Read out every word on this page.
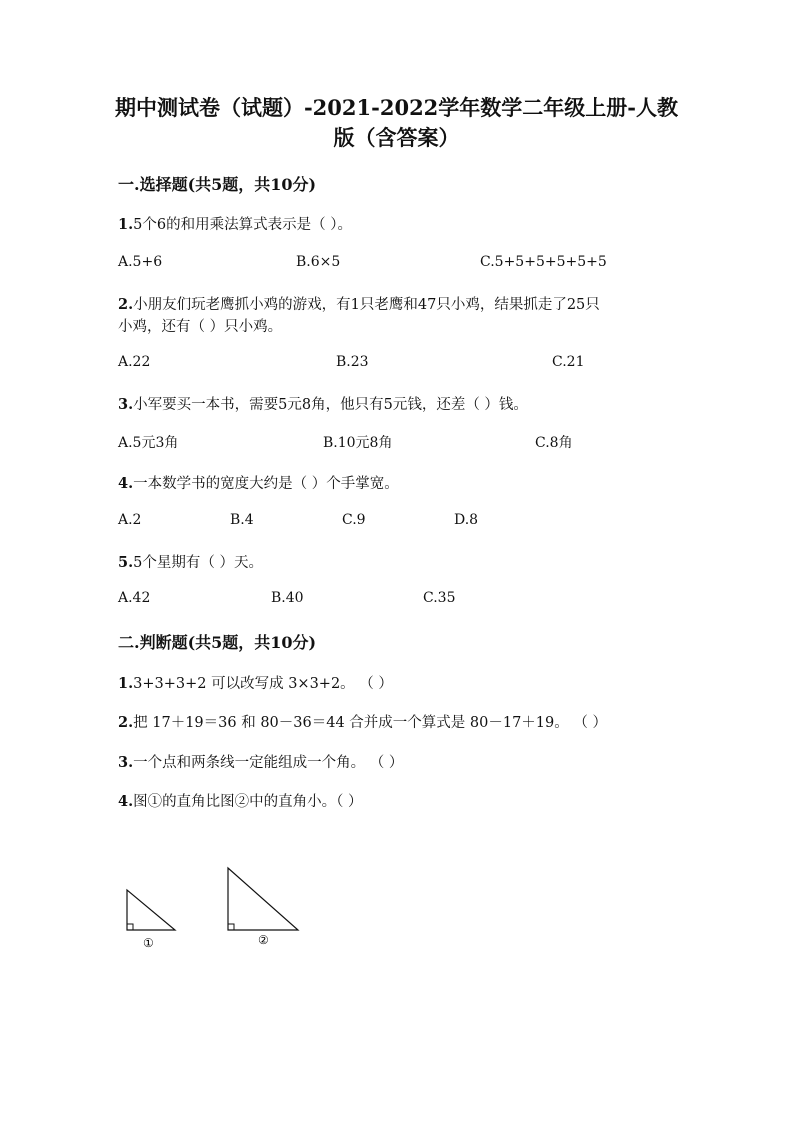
期中测试卷（试题）-2021-2022学年数学二年级上册-人教
版（含答案）
一.选择题(共5题，共10分)
1.5个6的和用乘法算式表示是（ ）。
A.5+6	B.6×5	C.5+5+5+5+5+5
2.小朋友们玩老鹰抓小鸡的游戏，有1只老鹰和47只小鸡，结果抓走了25只
小鸡，还有（ ）只小鸡。
A.22	B.23	C.21
3.小军要买一本书，需要5元8角，他只有5元钱，还差（ ）钱。
A.5元3角	B.10元8角	C.8角
4.一本数学书的宽度大约是（ ）个手掌宽。
A.2	B.4	C.9	D.8
5.5个星期有（ ）天。
A.42	B.40	C.35
二.判断题(共5题，共10分)
1.3+3+3+2 可以改写成 3×3+2。 （ ）
2.把 17＋19＝36 和 80－36＝44 合并成一个算式是 80－17＋19。 （ ）
3.一个点和两条线一定能组成一个角。 （ ）
4.图①的直角比图②中的直角小。（ ）
①	②
